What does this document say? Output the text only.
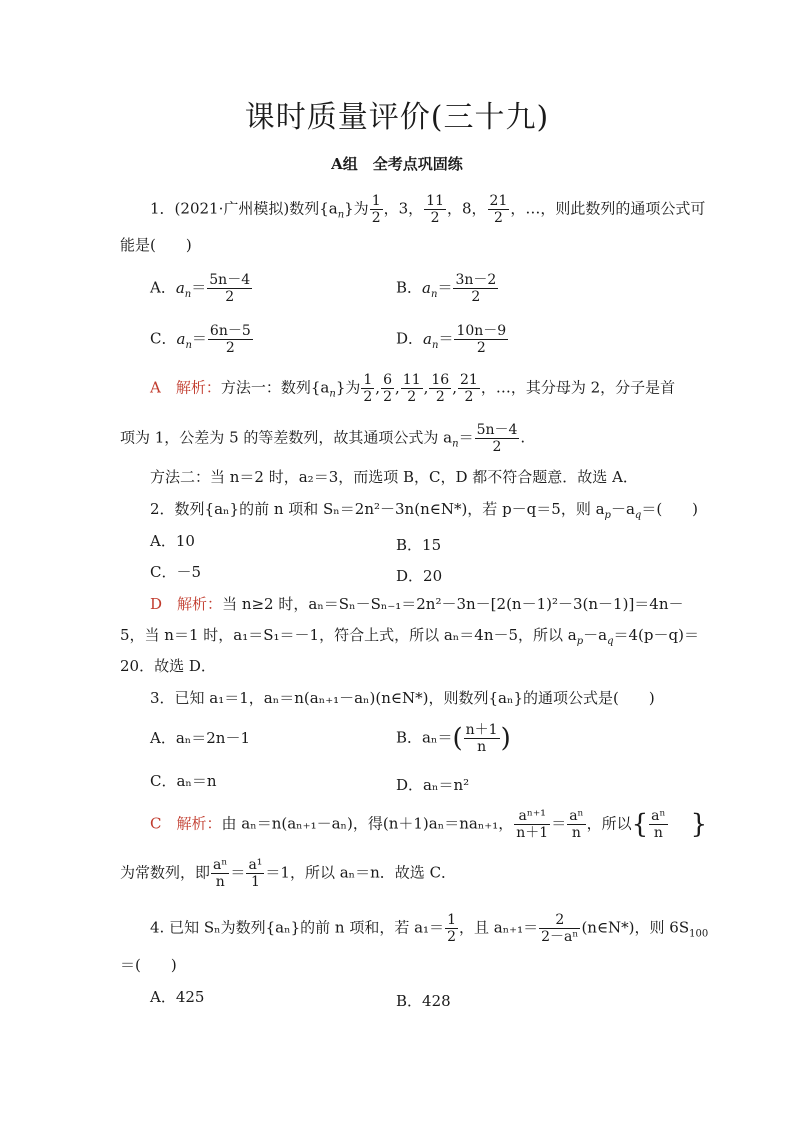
课时质量评价(三十九)
A组　全考点巩固练
1．(2021·广州模拟)数列$\{a_n\}$为 $\frac{1}{2}$ ，3， $\frac{11}{2}$ ，8， $\frac{21}{2}$ ，…，则此数列的通项公式可
能是(　　)
A．$a_n= \frac{5n-4}{2}$	B．$a_n= \frac{3n-2}{2}$
C．$a_n= \frac{6n-5}{2}$	D．$a_n= \frac{10n-9}{2}$
A　 解析：方法一：数列$\{a_n\}$为 $\frac{1}{2}$ , $\frac{6}{2}$ , $\frac{11}{2}$ , $\frac{16}{2}$ , $\frac{21}{2}$ ，…，其分母为 2，分子是首
项为 1，公差为 5 的等差数列，故其通项公式为 $a_n= \frac{5n-4}{2}$ .
方法二：当 n＝2 时，a₂＝3，而选项 B，C，D 都不符合题意．故选 A．
2．数列{aₙ}的前 n 项和 Sₙ＝2n²－3n(n∈N*)，若 p－q＝5，则 $a_p-a_q=$(　　)
A．10	B．15
C．－5	D．20
D　 解析：当 n≥2 时，aₙ＝Sₙ－Sₙ₋₁＝2n²－3n－[2(n－1)²－3(n－1)]＝4n－
5，当 n＝1 时，a₁＝S₁＝－1，符合上式，所以 aₙ＝4n－5，所以 $a_p-a_q=4(p-q)=$
20．故选 D．
3．已知 a₁＝1，aₙ＝n(aₙ₊₁－aₙ)(n∈N*)，则数列{aₙ}的通项公式是(　　)
A．aₙ＝2n－1	B．$a_n=( \frac{n+1}{n}$ )
C．aₙ＝n	D．aₙ＝n²
C　 解析：由 aₙ＝n(aₙ₊₁－aₙ)，得(n＋1)aₙ＝naₙ₊₁， $\frac{\text{aⁿ⁺¹}}{n+1} = \frac{\text{aⁿ}}{n}$ ，所以{ $\frac{\text{aⁿ}}{n}$ }
为常数列，即 $\frac{\text{aⁿ}}{n} = \frac{\text{a¹}}{1} =1$，所以 aₙ＝n．故选 C．
4. 已知 Sₙ为数列{aₙ}的前 n 项和，若 $a_1= \frac{1}{2}$ ，且 $a_{n+1}= \frac{2}{\text{2－aⁿ}}$ (n∈N*)，则 $6S_{100}$
＝(　　)
A．425	B．428
